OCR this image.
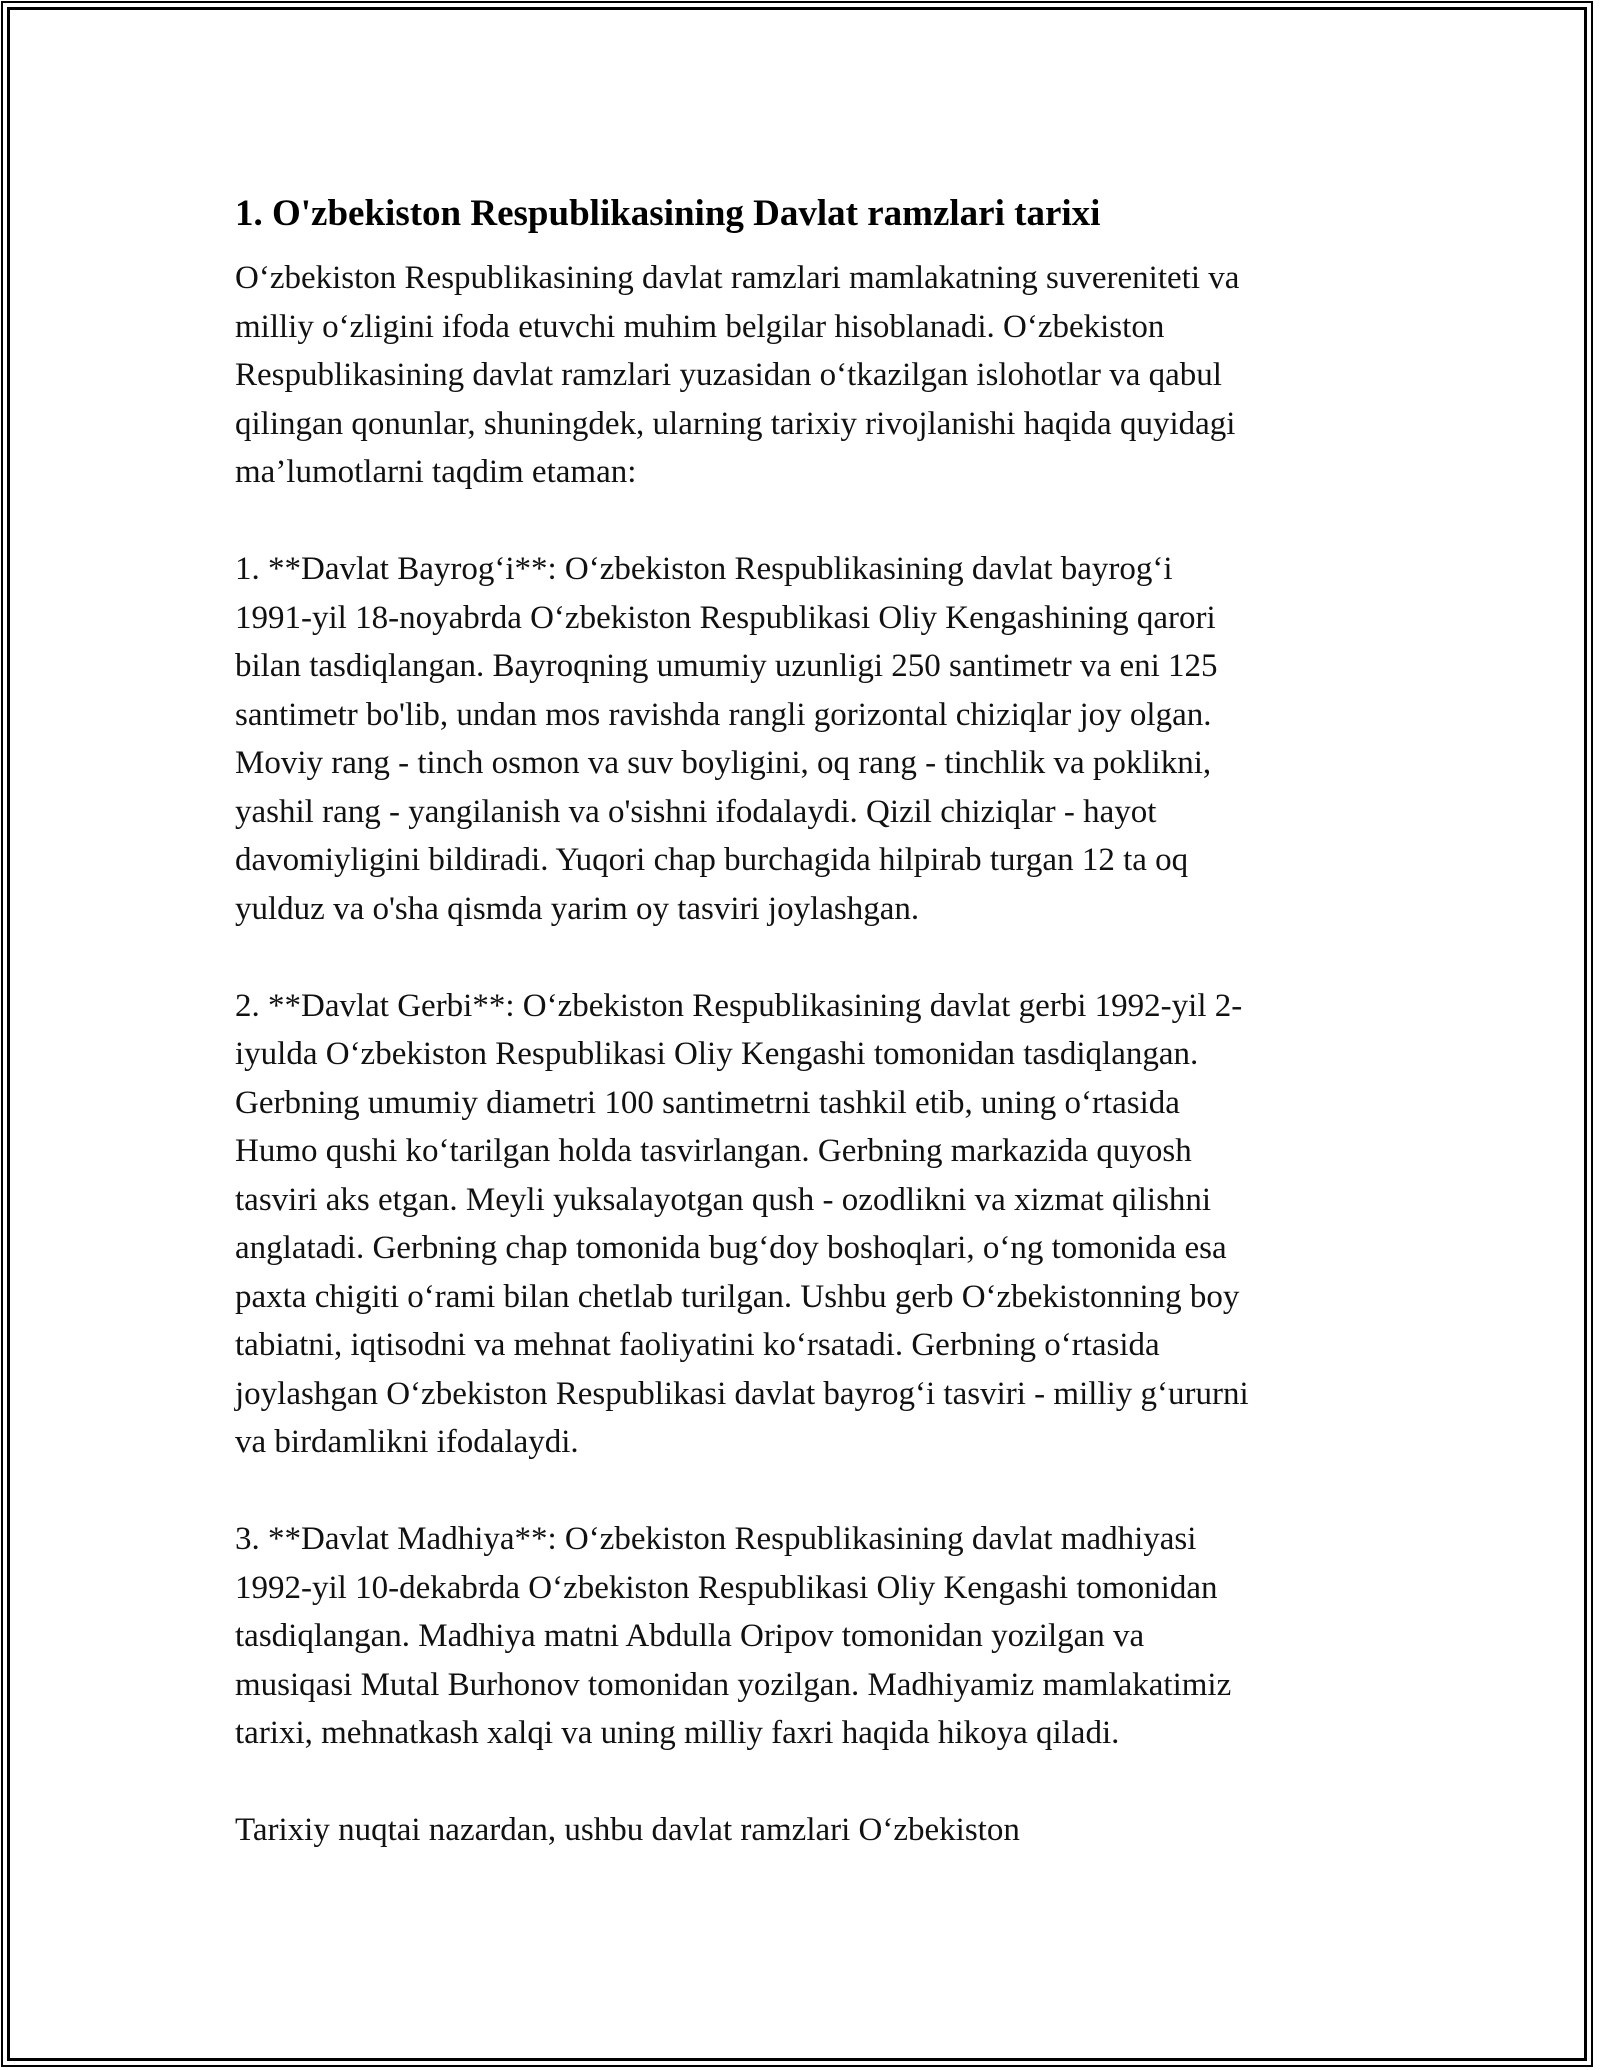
1. O'zbekiston Respublikasining Davlat ramzlari tarixi

O‘zbekiston Respublikasining davlat ramzlari mamlakatning suvereniteti va
milliy o‘zligini ifoda etuvchi muhim belgilar hisoblanadi. O‘zbekiston
Respublikasining davlat ramzlari yuzasidan o‘tkazilgan islohotlar va qabul
qilingan qonunlar, shuningdek, ularning tarixiy rivojlanishi haqida quyidagi
ma’lumotlarni taqdim etaman:

1. **Davlat Bayrog‘i**: O‘zbekiston Respublikasining davlat bayrog‘i
1991-yil 18-noyabrda O‘zbekiston Respublikasi Oliy Kengashining qarori
bilan tasdiqlangan. Bayroqning umumiy uzunligi 250 santimetr va eni 125
santimetr bo'lib, undan mos ravishda rangli gorizontal chiziqlar joy olgan.
Moviy rang - tinch osmon va suv boyligini, oq rang - tinchlik va poklikni,
yashil rang - yangilanish va o'sishni ifodalaydi. Qizil chiziqlar - hayot
davomiyligini bildiradi. Yuqori chap burchagida hilpirab turgan 12 ta oq
yulduz va o'sha qismda yarim oy tasviri joylashgan.

2. **Davlat Gerbi**: O‘zbekiston Respublikasining davlat gerbi 1992-yil 2-
iyulda O‘zbekiston Respublikasi Oliy Kengashi tomonidan tasdiqlangan.
Gerbning umumiy diametri 100 santimetrni tashkil etib, uning o‘rtasida
Humo qushi ko‘tarilgan holda tasvirlangan. Gerbning markazida quyosh
tasviri aks etgan. Meyli yuksalayotgan qush - ozodlikni va xizmat qilishni
anglatadi. Gerbning chap tomonida bug‘doy boshoqlari, o‘ng tomonida esa
paxta chigiti o‘rami bilan chetlab turilgan. Ushbu gerb O‘zbekistonning boy
tabiatni, iqtisodni va mehnat faoliyatini ko‘rsatadi. Gerbning o‘rtasida
joylashgan O‘zbekiston Respublikasi davlat bayrog‘i tasviri - milliy g‘ururni
va birdamlikni ifodalaydi.

3. **Davlat Madhiya**: O‘zbekiston Respublikasining davlat madhiyasi
1992-yil 10-dekabrda O‘zbekiston Respublikasi Oliy Kengashi tomonidan
tasdiqlangan. Madhiya matni Abdulla Oripov tomonidan yozilgan va
musiqasi Mutal Burhonov tomonidan yozilgan. Madhiyamiz mamlakatimiz
tarixi, mehnatkash xalqi va uning milliy faxri haqida hikoya qiladi.

Tarixiy nuqtai nazardan, ushbu davlat ramzlari O‘zbekiston
